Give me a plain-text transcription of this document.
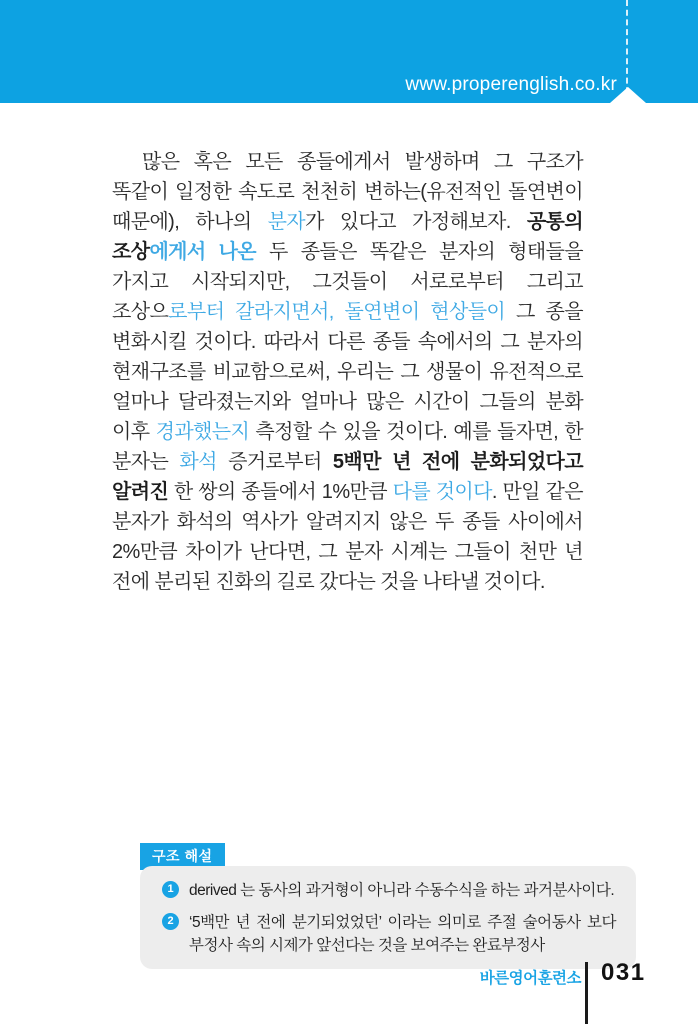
www.properenglish.co.kr

많은 혹은 모든 종들에게서 발생하며 그 구조가 똑같이 일정한 속도로 천천히 변하는(유전적인 돌연변이 때문에), 하나의 분자가 있다고 가정해보자. 공통의 조상에게서 나온 두 종들은 똑같은 분자의 형태들을 가지고 시작되지만, 그것들이 서로로부터 그리고 조상으로부터 갈라지면서, 돌연변이 현상들이 그 종을 변화시킬 것이다. 따라서 다른 종들 속에서의 그 분자의 현재구조를 비교함으로써, 우리는 그 생물이 유전적으로 얼마나 달라졌는지와 얼마나 많은 시간이 그들의 분화 이후 경과했는지 측정할 수 있을 것이다. 예를 들자면, 한 분자는 화석 증거로부터 5백만 년 전에 분화되었다고 알려진 한 쌍의 종들에서 1%만큼 다를 것이다. 만일 같은 분자가 화석의 역사가 알려지지 않은 두 종들 사이에서 2%만큼 차이가 난다면, 그 분자 시계는 그들이 천만 년 전에 분리된 진화의 길로 갔다는 것을 나타낼 것이다.

구조 해설
1 derived 는 동사의 과거형이 아니라 수동수식을 하는 과거분사이다.
2 ‘5백만 년 전에 분기되었었던’ 이라는 의미로 주절 술어동사 보다 부정사 속의 시제가 앞선다는 것을 보여주는 완료부정사
바른영어훈련소 031
